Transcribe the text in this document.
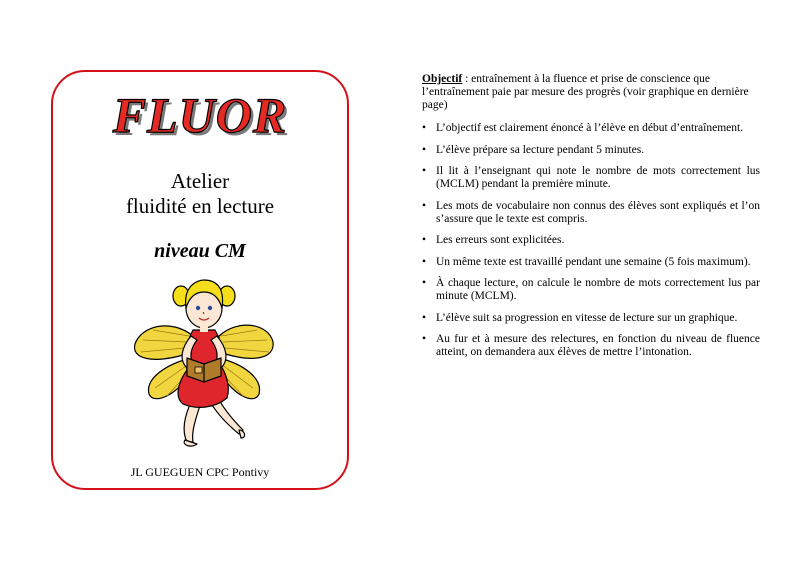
FLUOR
Atelier
fluidité en lecture
niveau CM
JL GUEGUEN CPC Pontivy

Objectif : entraînement à la fluence et prise de conscience que l’entraînement paie par mesure des progrès (voir graphique en dernière page)

• L’objectif est clairement énoncé à l’élève en début d’entraînement.
• L’élève prépare sa lecture pendant 5 minutes.
• Il lit à l’enseignant qui note le nombre de mots correctement lus (MCLM) pendant la première minute.
• Les mots de vocabulaire non connus des élèves sont expliqués et l’on s’assure que le texte est compris.
• Les erreurs sont explicitées.
• Un même texte est travaillé pendant une semaine (5 fois maximum).
• À chaque lecture, on calcule le nombre de mots correctement lus par minute (MCLM).
• L’élève suit sa progression en vitesse de lecture sur un graphique.
• Au fur et à mesure des relectures, en fonction du niveau de fluence atteint, on demandera aux élèves de mettre l’intonation.
